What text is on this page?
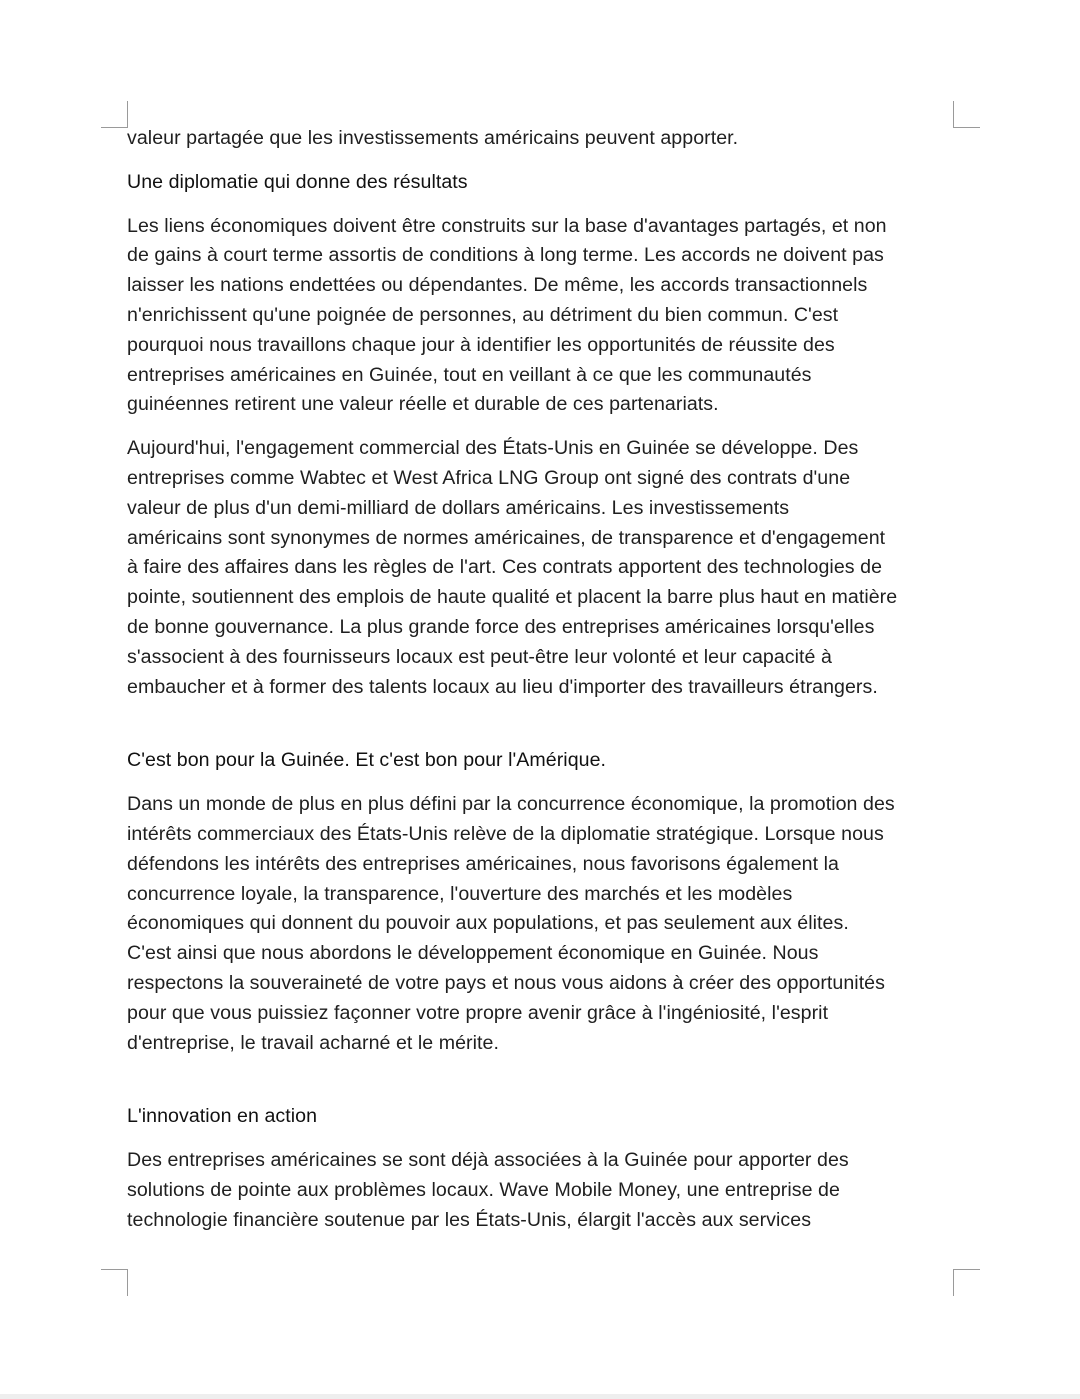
valeur partagée que les investissements américains peuvent apporter.

Une diplomatie qui donne des résultats

Les liens économiques doivent être construits sur la base d'avantages partagés, et non
de gains à court terme assortis de conditions à long terme. Les accords ne doivent pas
laisser les nations endettées ou dépendantes. De même, les accords transactionnels
n'enrichissent qu'une poignée de personnes, au détriment du bien commun. C'est
pourquoi nous travaillons chaque jour à identifier les opportunités de réussite des
entreprises américaines en Guinée, tout en veillant à ce que les communautés
guinéennes retirent une valeur réelle et durable de ces partenariats.

Aujourd'hui, l'engagement commercial des États-Unis en Guinée se développe. Des
entreprises comme Wabtec et West Africa LNG Group ont signé des contrats d'une
valeur de plus d'un demi-milliard de dollars américains. Les investissements
américains sont synonymes de normes américaines, de transparence et d'engagement
à faire des affaires dans les règles de l'art. Ces contrats apportent des technologies de
pointe, soutiennent des emplois de haute qualité et placent la barre plus haut en matière
de bonne gouvernance. La plus grande force des entreprises américaines lorsqu'elles
s'associent à des fournisseurs locaux est peut-être leur volonté et leur capacité à
embaucher et à former des talents locaux au lieu d'importer des travailleurs étrangers.

C'est bon pour la Guinée. Et c'est bon pour l'Amérique.

Dans un monde de plus en plus défini par la concurrence économique, la promotion des
intérêts commerciaux des États-Unis relève de la diplomatie stratégique. Lorsque nous
défendons les intérêts des entreprises américaines, nous favorisons également la
concurrence loyale, la transparence, l'ouverture des marchés et les modèles
économiques qui donnent du pouvoir aux populations, et pas seulement aux élites.
C'est ainsi que nous abordons le développement économique en Guinée. Nous
respectons la souveraineté de votre pays et nous vous aidons à créer des opportunités
pour que vous puissiez façonner votre propre avenir grâce à l'ingéniosité, l'esprit
d'entreprise, le travail acharné et le mérite.

L'innovation en action

Des entreprises américaines se sont déjà associées à la Guinée pour apporter des
solutions de pointe aux problèmes locaux. Wave Mobile Money, une entreprise de
technologie financière soutenue par les États-Unis, élargit l'accès aux services
